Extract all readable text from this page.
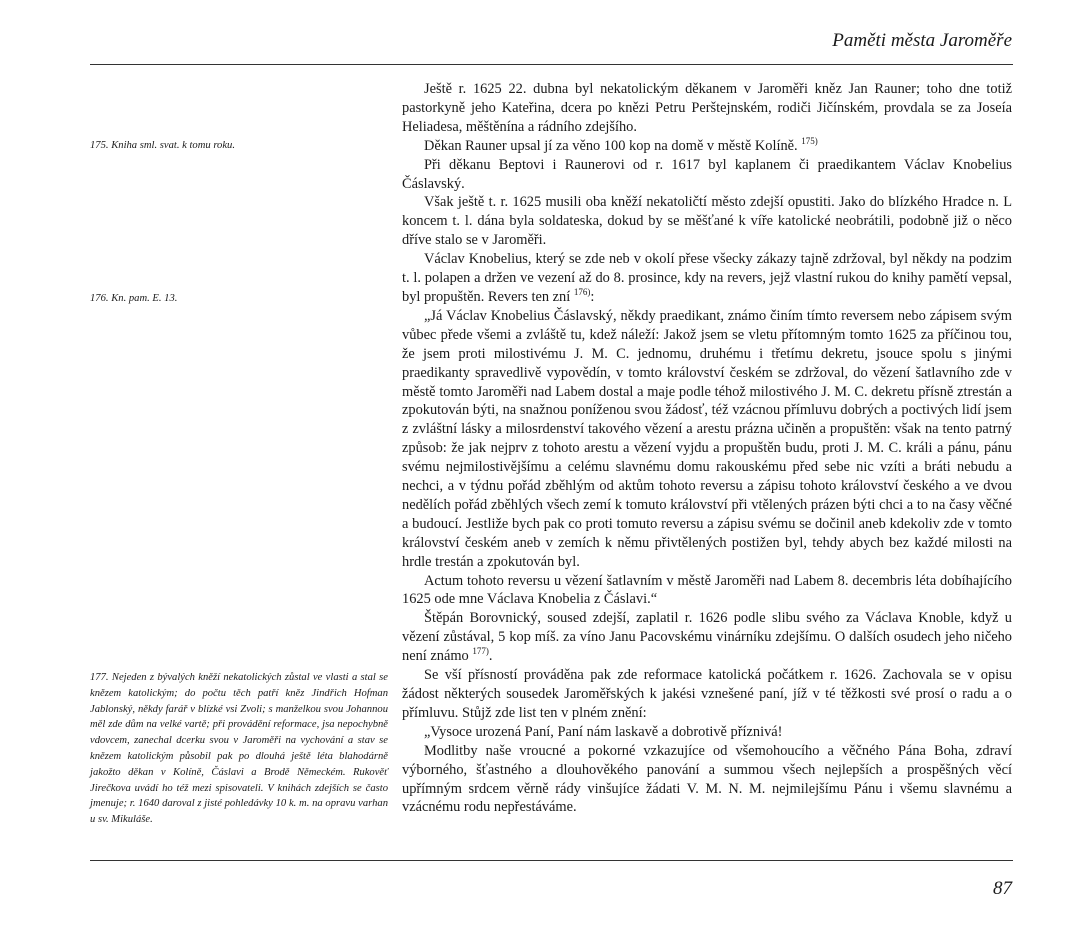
Paměti města Jaroměře
175. Kniha sml. svat. k tomu roku.
176. Kn. pam. E. 13.
177. Nejeden z bývalých kněží nekatolických zůstal ve vlasti a stal se knězem katolickým; do počtu těch patří kněz Jindřich Hofman Jablonský, někdy farář v blízké vsi Zvoli; s manželkou svou Johannou měl zde dům na velké vartě; při provádění reformace, jsa nepochybně vdovcem, zanechal dcerku svou v Jaroměři na vychování a stav se knězem katolickým působil pak po dlouhá ještě léta blahodárně jakožto děkan v Kolíně, Čáslavi a Brodě Německém. Rukověť Jirečkova uvádí ho též mezi spisovateli. V knihách zdejších se často jmenuje; r. 1640 daroval z jisté pohledávky 10 k. m. na opravu varhan u sv. Mikuláše.

Ještě r. 1625 22. dubna byl nekatolickým děkanem v Jaroměři kněz Jan Rauner; toho dne totiž pastorkyně jeho Kateřina, dcera po knězi Petru Perštejnském, rodiči Jičínském, provdala se za Joseía Heliadesa, měštěnína a rádního zdejšího.

Děkan Rauner upsal jí za věno 100 kop na domě v městě Kolíně. $^{175)}$

Při děkanu Beptovi i Raunerovi od r. 1617 byl kaplanem či praedikantem Václav Knobelius Čáslavský.

Však ještě t. r. 1625 musili oba kněží nekatoličtí město zdejší opustiti. Jako do blízkého Hradce n. L koncem t. l. dána byla soldateska, dokud by se měšťané k víře katolické neobrátili, podobně již o něco dříve stalo se v Jaroměři.

Václav Knobelius, který se zde neb v okolí přese všecky zákazy tajně zdržoval, byl někdy na podzim t. l. polapen a držen ve vezení až do 8. prosince, kdy na revers, jejž vlastní rukou do knihy pamětí vepsal, byl propuštěn. Revers ten zní $^{176)}$:

„Já Václav Knobelius Čáslavský, někdy praedikant, známo činím tímto reversem nebo zápisem svým vůbec přede všemi a zvláště tu, kdež náleží: Jakož jsem se vletu přítomným tomto 1625 za příčinou tou, že jsem proti milostivému J. M. C. jednomu, druhému i třetímu dekretu, jsouce spolu s jinými praedikanty spravedlivě vypovědín, v tomto království českém se zdržoval, do vězení šatlavního zde v městě tomto Jaroměři nad Labem dostal a maje podle téhož milostivého J. M. C. dekretu přísně ztrestán a zpokutován býti, na snažnou poníženou svou žádosť, též vzácnou přímluvu dobrých a poctivých lidí jsem z zvláštní lásky a milosrdenství takového vězení a arestu prázna učiněn a propuštěn: však na tento patrný způsob: že jak nejprv z tohoto arestu a vězení vyjdu a propuštěn budu, proti J. M. C. králi a pánu, pánu svému nejmilostivějšímu a celému slavnému domu rakouskému před sebe nic vzíti a bráti nebudu a nechci, a v týdnu pořád zběhlým od aktům tohoto reversu a zápisu tohoto království českého a ve dvou nedělích pořád zběhlých všech zemí k tomuto království při vtělených prázen býti chci a to na časy věčné a budoucí. Jestliže bych pak co proti tomuto reversu a zápisu svému se dočinil aneb kdekoliv zde v tomto království českém aneb v zemích k němu přivtělených postižen byl, tehdy abych bez každé milosti na hrdle trestán a zpokutován byl.

Actum tohoto reversu u vězení šatlavním v městě Jaroměři nad Labem 8. decembris léta dobíhajícího 1625 ode mne Václava Knobelia z Čáslavi.“

Štěpán Borovnický, soused zdejší, zaplatil r. 1626 podle slibu svého za Václava Knoble, když u vězení zůstával, 5 kop míš. za víno Janu Pacovskému vinárníku zdejšímu. O dalších osudech jeho ničeho není známo $^{177)}$.

Se vší přísností prováděna pak zde reformace katolická počátkem r. 1626. Zachovala se v opisu žádost některých sousedek Jaroměřských k jakési vznešené paní, jíž v té těžkosti své prosí o radu a o přímluvu. Stůjž zde list ten v plném znění:

„Vysoce urozená Paní, Paní nám laskavě a dobrotivě příznivá!

Modlitby naše vroucné a pokorné vzkazujíce od všemohoucího a věčného Pána Boha, zdraví výborného, šťastného a dlouhověkého panování a summou všech nejlepších a prospěšných věcí upřímným srdcem věrně rády vinšujíce žádati V. M. N. M. nejmilejšímu Pánu i všemu slavnému a vzácnému rodu nepřestáváme.

87
